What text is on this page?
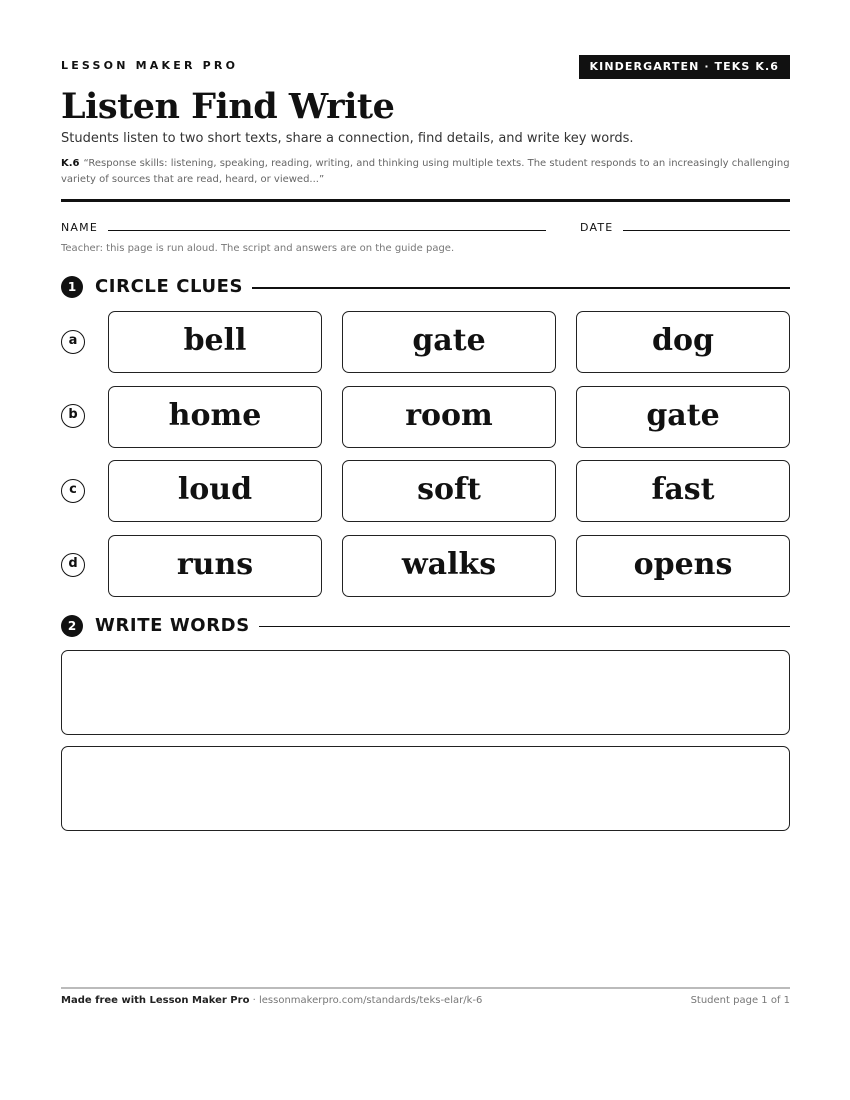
LESSON MAKER PRO	KINDERGARTEN · TEKS K.6
Listen Find Write
Students listen to two short texts, share a connection, find details, and write key words.
K.6 “Response skills: listening, speaking, reading, writing, and thinking using multiple texts. The student responds to an increasingly challenging variety of sources that are read, heard, or viewed...”
NAME	DATE
Teacher: this page is run aloud. The script and answers are on the guide page.
1	CIRCLE CLUES
a	bell	gate	dog
b	home	room	gate
c	loud	soft	fast
d	runs	walks	opens
2	WRITE WORDS
Made free with Lesson Maker Pro · lessonmakerpro.com/standards/teks-elar/k-6	Student page 1 of 1
